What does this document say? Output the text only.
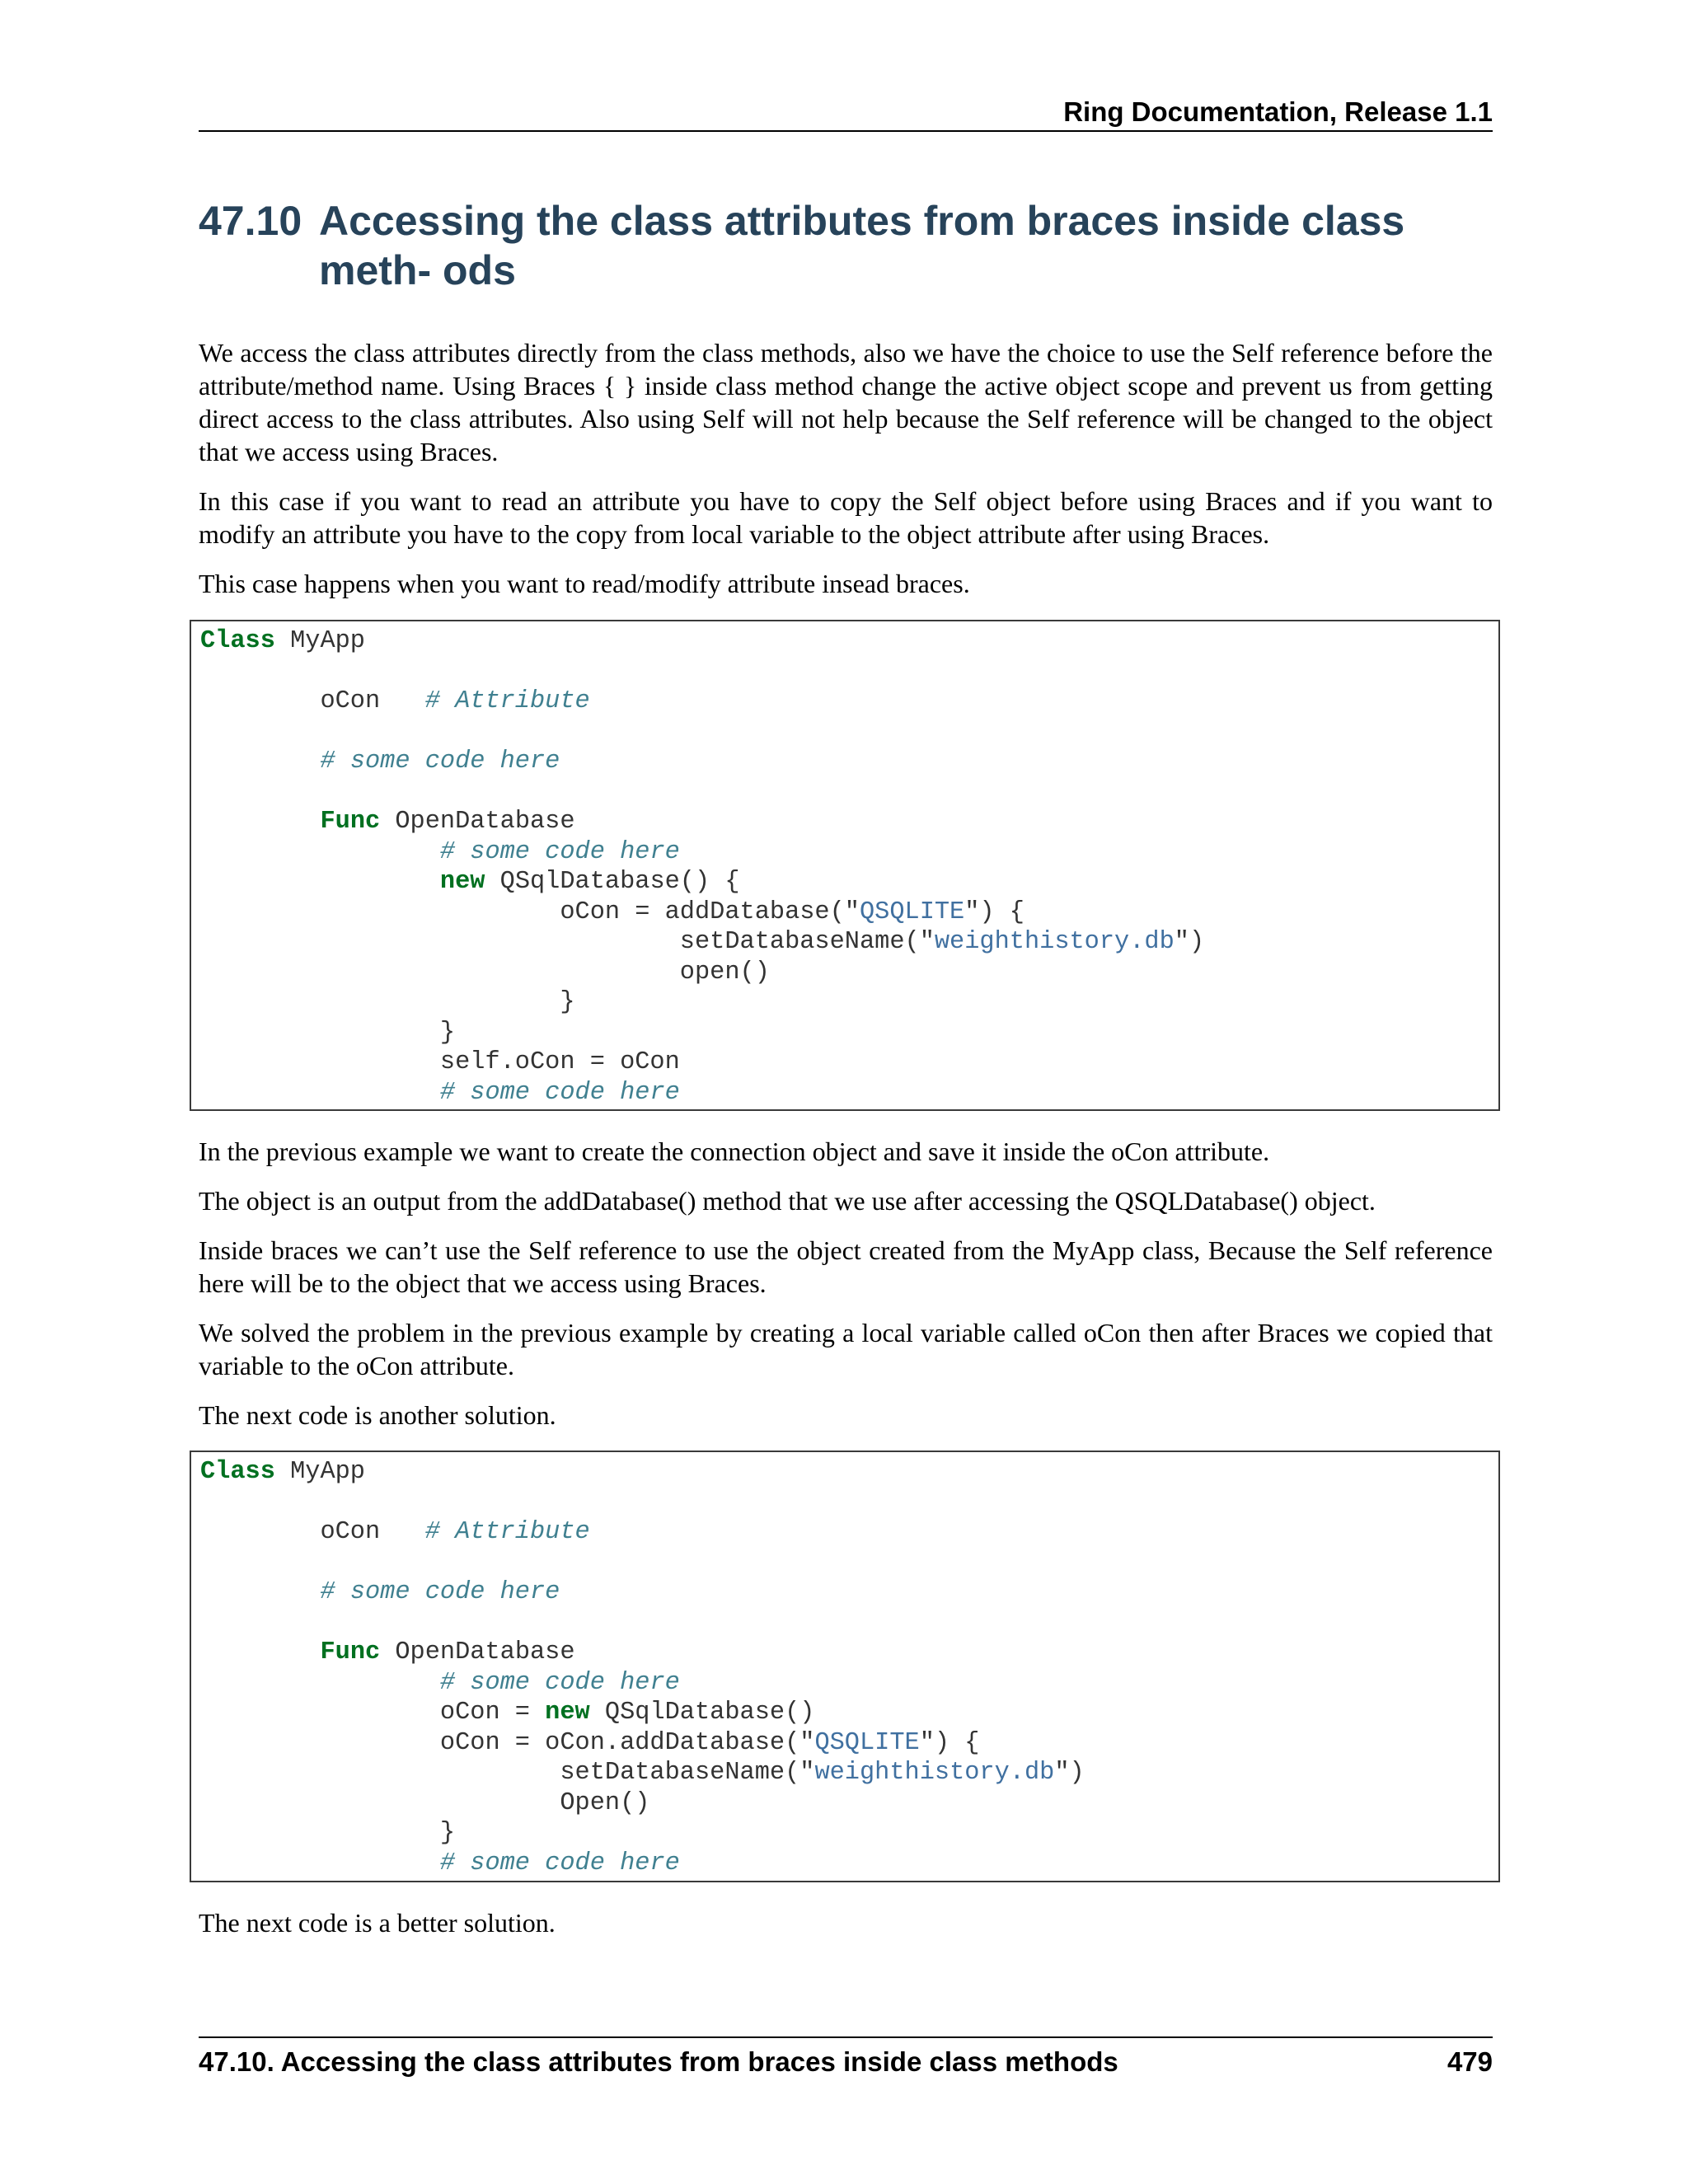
Ring Documentation, Release 1.1
47.10 Accessing the class attributes from braces inside class meth- ods

We access the class attributes directly from the class methods, also we have the choice to use the Self reference before the attribute/method name. Using Braces { } inside class method change the active object scope and prevent us from getting direct access to the class attributes. Also using Self will not help because the Self reference will be changed to the object that we access using Braces.

In this case if you want to read an attribute you have to copy the Self object before using Braces and if you want to modify an attribute you have to the copy from local variable to the object attribute after using Braces.

This case happens when you want to read/modify attribute insead braces.

Class MyApp

oCon   # Attribute

# some code here

Func OpenDatabase
# some code here
new QSqlDatabase() {
oCon = addDatabase("QSQLITE") {
setDatabaseName("weighthistory.db")
open()
}
}
self.oCon = oCon
# some code here

In the previous example we want to create the connection object and save it inside the oCon attribute.

The object is an output from the addDatabase() method that we use after accessing the QSQLDatabase() object.

Inside braces we can’t use the Self reference to use the object created from the MyApp class, Because the Self reference here will be to the object that we access using Braces.

We solved the problem in the previous example by creating a local variable called oCon then after Braces we copied that variable to the oCon attribute.

The next code is another solution.

Class MyApp

oCon   # Attribute

# some code here

Func OpenDatabase
# some code here
oCon = new QSqlDatabase()
oCon = oCon.addDatabase("QSQLITE") {
setDatabaseName("weighthistory.db")
Open()
}
# some code here

The next code is a better solution.

47.10. Accessing the class attributes from braces inside class methods	479
